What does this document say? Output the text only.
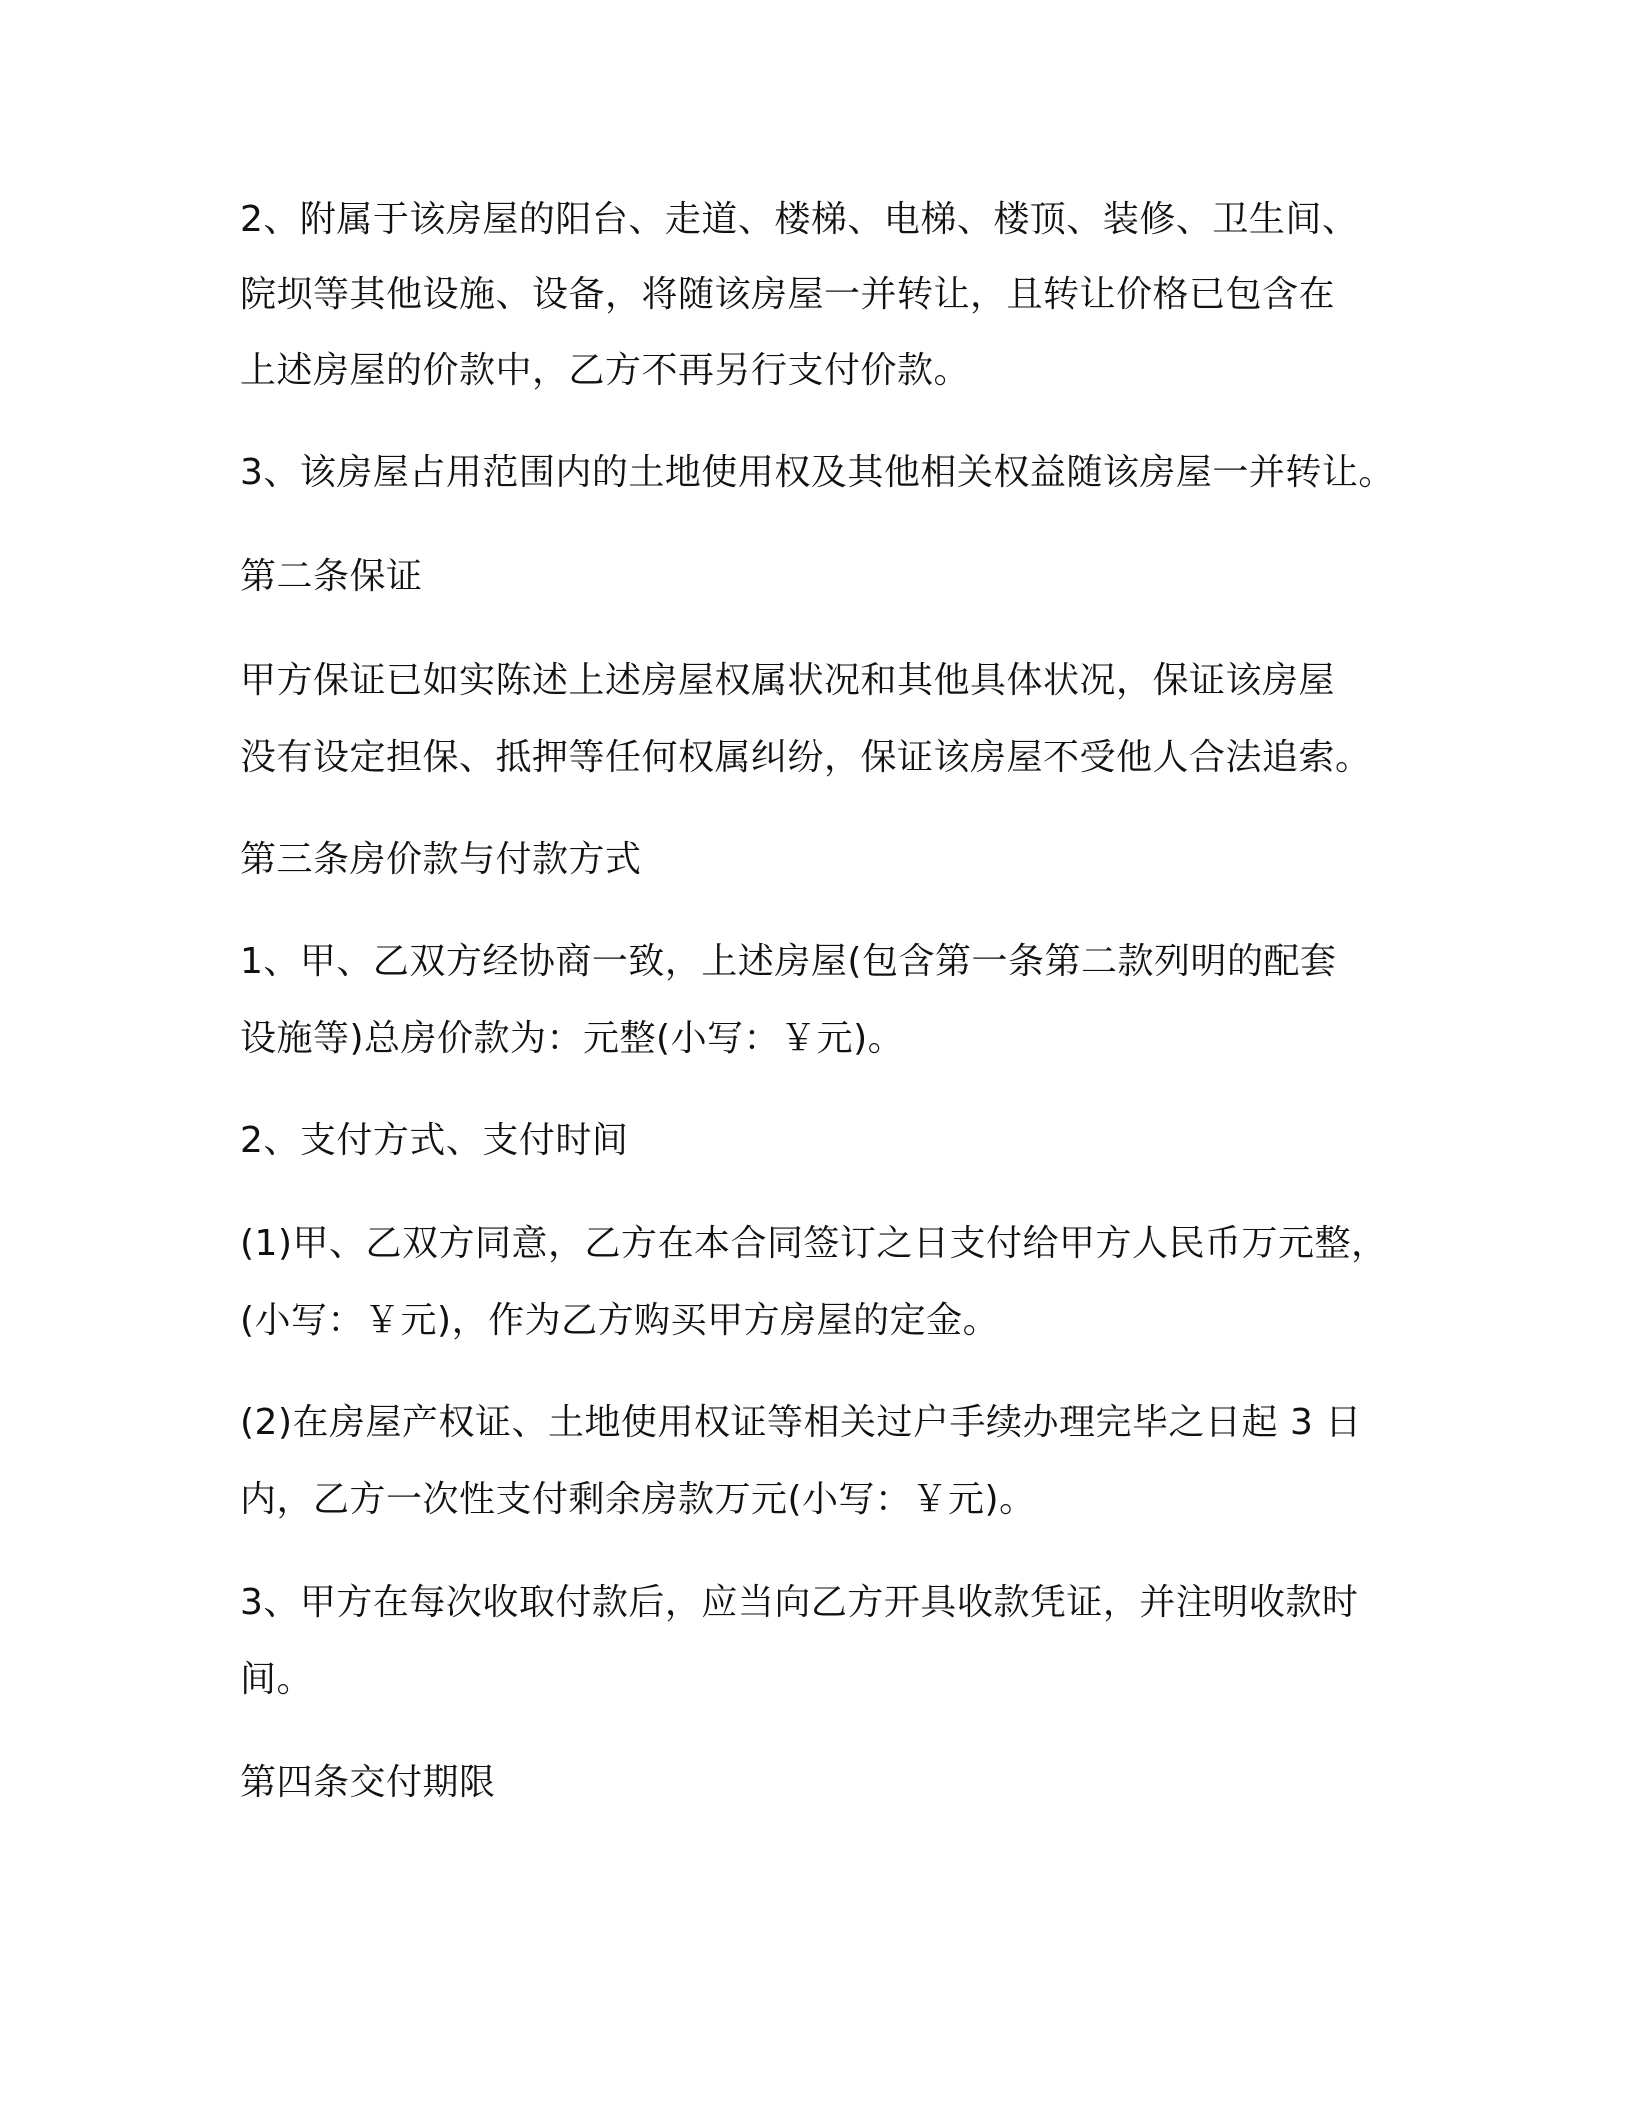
2、附属于该房屋的阳台、走道、楼梯、电梯、楼顶、装修、卫生间、
院坝等其他设施、设备，将随该房屋一并转让，且转让价格已包含在
上述房屋的价款中，乙方不再另行支付价款。
3、该房屋占用范围内的土地使用权及其他相关权益随该房屋一并转让。
第二条保证
甲方保证已如实陈述上述房屋权属状况和其他具体状况，保证该房屋
没有设定担保、抵押等任何权属纠纷，保证该房屋不受他人合法追索。
第三条房价款与付款方式
1、甲、乙双方经协商一致，上述房屋(包含第一条第二款列明的配套
设施等)总房价款为：元整(小写：￥元)。
2、支付方式、支付时间
(1)甲、乙双方同意，乙方在本合同签订之日支付给甲方人民币万元整，
(小写：￥元)，作为乙方购买甲方房屋的定金。
(2)在房屋产权证、土地使用权证等相关过户手续办理完毕之日起 3 日
内，乙方一次性支付剩余房款万元(小写：￥元)。
3、甲方在每次收取付款后，应当向乙方开具收款凭证，并注明收款时
间。
第四条交付期限
